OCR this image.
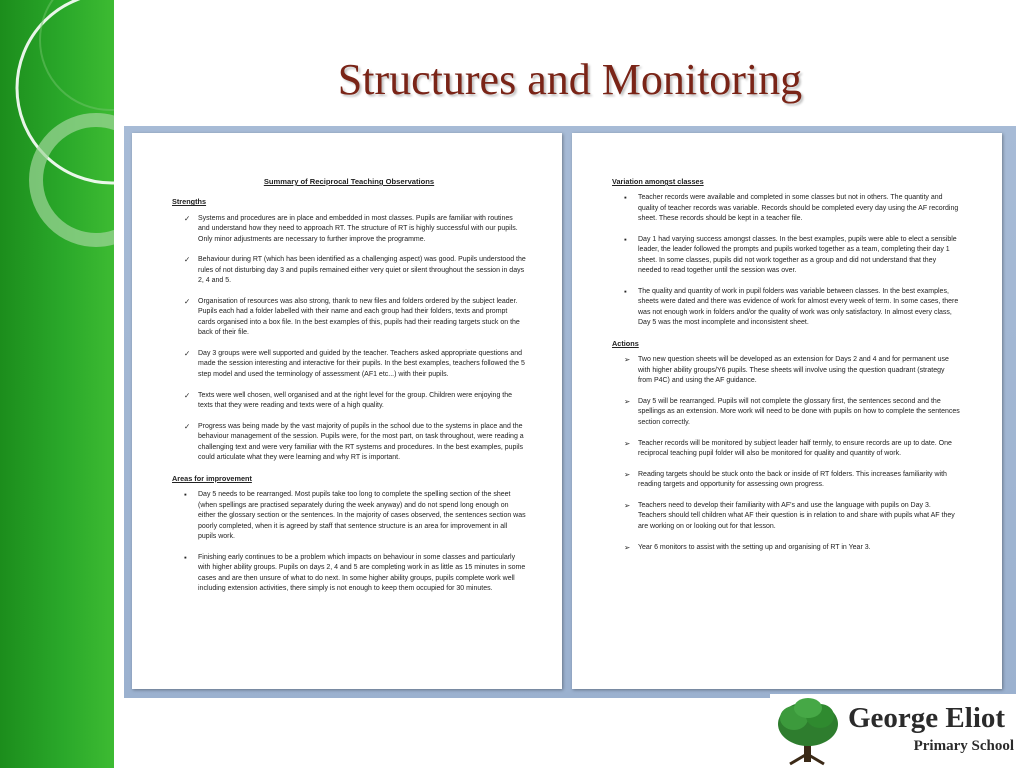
Structures and Monitoring

Summary of Reciprocal Teaching Observations

Strengths

✓ Systems and procedures are in place and embedded in most classes. Pupils are familiar with routines and understand how they need to approach RT. The structure of RT is highly successful with our pupils. Only minor adjustments are necessary to further improve the programme.
✓ Behaviour during RT (which has been identified as a challenging aspect) was good. Pupils understood the rules of not disturbing day 3 and pupils remained either very quiet or silent throughout the session in days 2, 4 and 5.
✓ Organisation of resources was also strong, thank to new files and folders ordered by the subject leader. Pupils each had a folder labelled with their name and each group had their folders, texts and prompt cards organised into a box file. In the best examples of this, pupils had their reading targets stuck on the back of their file.
✓ Day 3 groups were well supported and guided by the teacher. Teachers asked appropriate questions and made the session interesting and interactive for their pupils. In the best examples, teachers followed the 5 step model and used the terminology of assessment (AF1 etc...) with their pupils.
✓ Texts were well chosen, well organised and at the right level for the group. Children were enjoying the texts that they were reading and texts were of a high quality.
✓ Progress was being made by the vast majority of pupils in the school due to the systems in place and the behaviour management of the session. Pupils were, for the most part, on task throughout, were reading a challenging text and were very familiar with the RT systems and procedures. In the best examples, pupils could articulate what they were learning and why RT is important.

Areas for improvement

▪ Day 5 needs to be rearranged. Most pupils take too long to complete the spelling section of the sheet (when spellings are practised separately during the week anyway) and do not spend long enough on either the glossary section or the sentences. In the majority of cases observed, the sentences section was poorly completed, when it is agreed by staff that sentence structure is an area for improvement in all pupils work.
▪ Finishing early continues to be a problem which impacts on behaviour in some classes and particularly with higher ability groups. Pupils on days 2, 4 and 5 are completing work in as little as 15 minutes in some cases and are then unsure of what to do next. In some higher ability groups, pupils complete work well including extension activities, there simply is not enough to keep them occupied for 30 minutes.

Variation amongst classes

▪ Teacher records were available and completed in some classes but not in others. The quantity and quality of teacher records was variable. Records should be completed every day using the AF recording sheet. These records should be kept in a teacher file.
▪ Day 1 had varying success amongst classes. In the best examples, pupils were able to elect a sensible leader, the leader followed the prompts and pupils worked together as a team, completing their day 1 sheet. In some classes, pupils did not work together as a group and did not understand that they needed to read together until the session was over.
▪ The quality and quantity of work in pupil folders was variable between classes. In the best examples, sheets were dated and there was evidence of work for almost every week of term. In some cases, there was not enough work in folders and/or the quality of work was only satisfactory. In almost every class, Day 5 was the most incomplete and inconsistent sheet.

Actions

➢ Two new question sheets will be developed as an extension for Days 2 and 4 and for permanent use with higher ability groups/Y6 pupils. These sheets will involve using the question quadrant (strategy from P4C) and using the AF guidance.
➢ Day 5 will be rearranged. Pupils will not complete the glossary first, the sentences second and the spellings as an extension. More work will need to be done with pupils on how to complete the sentences section correctly.
➢ Teacher records will be monitored by subject leader half termly, to ensure records are up to date. One reciprocal teaching pupil folder will also be monitored for quality and quantity of work.
➢ Reading targets should be stuck onto the back or inside of RT folders. This increases familiarity with reading targets and opportunity for assessing own progress.
➢ Teachers need to develop their familiarity with AF's and use the language with pupils on Day 3. Teachers should tell children what AF their question is in relation to and share with pupils what AF they are working on or looking out for that lesson.
➢ Year 6 monitors to assist with the setting up and organising of RT in Year 3.
George Eliot
Primary School
